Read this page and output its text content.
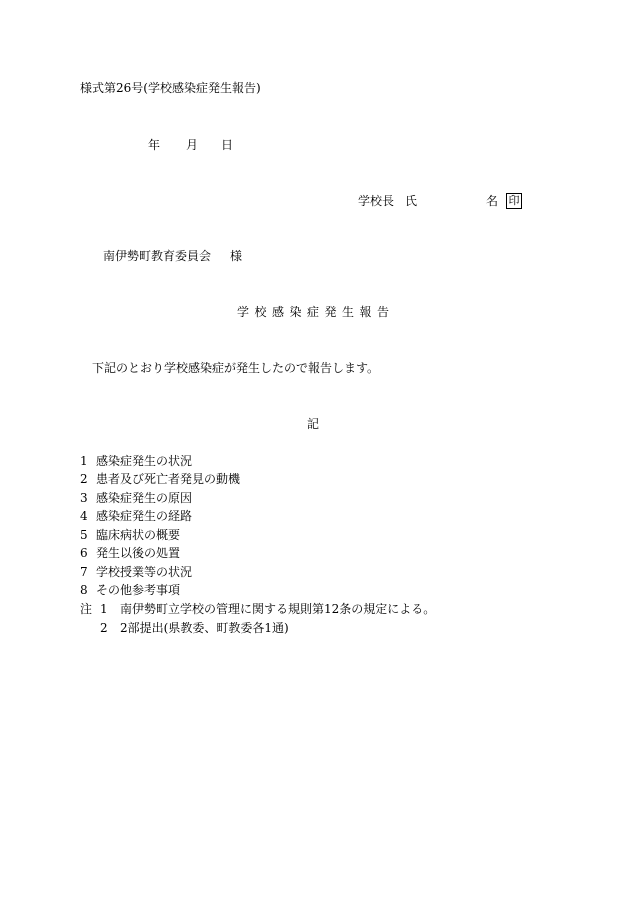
様式第26号(学校感染症発生報告)

年 月 日
学校長 氏	名 印
南伊勢町教育委員会 様

学校感染症発生報告

下記のとおり学校感染症が発生したので報告します。

記

1 感染症発生の状況
2 患者及び死亡者発見の動機
3 感染症発生の原因
4 感染症発生の経路
5 臨床病状の概要
6 発生以後の処置
7 学校授業等の状況
8 その他参考事項
注 1 南伊勢町立学校の管理に関する規則第12条の規定による。
2 2部提出(県教委、町教委各1通)
